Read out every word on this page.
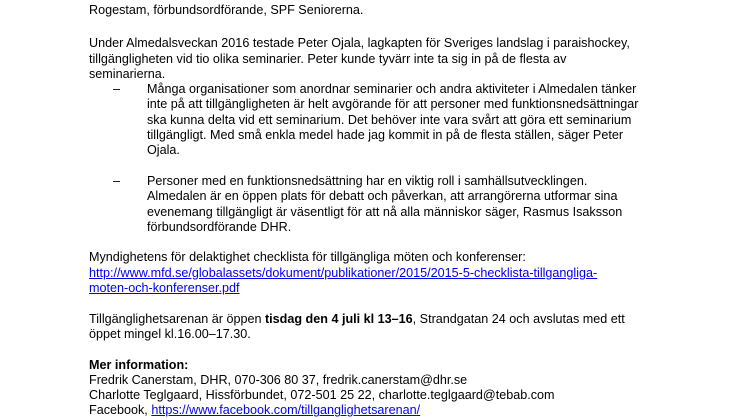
Rogestam, förbundsordförande, SPF Seniorerna.
Under Almedalsveckan 2016 testade Peter Ojala, lagkapten för Sveriges landslag i paraishockey,
tillgängligheten vid tio olika seminarier. Peter kunde tyvärr inte ta sig in på de flesta av
seminarierna.
– Många organisationer som anordnar seminarier och andra aktiviteter i Almedalen tänker
inte på att tillgängligheten är helt avgörande för att personer med funktionsnedsättningar
ska kunna delta vid ett seminarium. Det behöver inte vara svårt att göra ett seminarium
tillgängligt. Med små enkla medel hade jag kommit in på de flesta ställen, säger Peter
Ojala.
– Personer med en funktionsnedsättning har en viktig roll i samhällsutvecklingen.
Almedalen är en öppen plats för debatt och påverkan, att arrangörerna utformar sina
evenemang tillgängligt är väsentligt för att nå alla människor säger, Rasmus Isaksson
förbundsordförande DHR.
Myndighetens för delaktighet checklista för tillgängliga möten och konferenser:
http://www.mfd.se/globalassets/dokument/publikationer/2015/2015-5-checklista-tillgangliga-
moten-och-konferenser.pdf
Tillgänglighetsarenan är öppen tisdag den 4 juli kl 13–16, Strandgatan 24 och avslutas med ett
öppet mingel kl.16.00–17.30.
Mer information:
Fredrik Canerstam, DHR, 070-306 80 37, fredrik.canerstam@dhr.se
Charlotte Teglgaard, Hissförbundet, 072-501 25 22, charlotte.teglgaard@tebab.com
Facebook, https://www.facebook.com/tillganglighetsarenan/
